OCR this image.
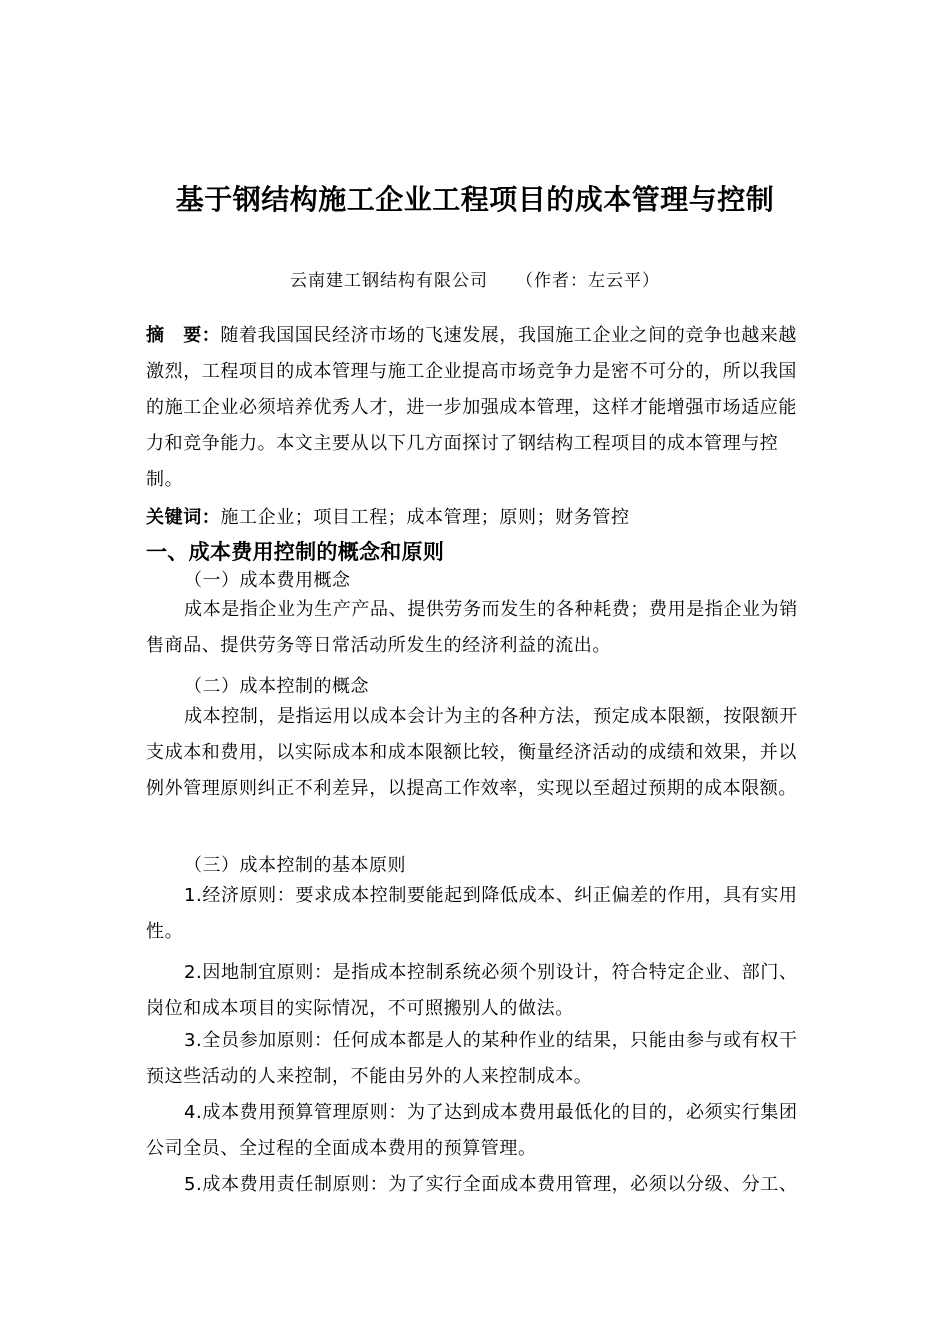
基于钢结构施工企业工程项目的成本管理与控制
云南建工钢结构有限公司 （作者：左云平）
摘　要：随着我国国民经济市场的飞速发展，我国施工企业之间的竞争也越来越激烈，工程项目的成本管理与施工企业提高市场竞争力是密不可分的，所以我国的施工企业必须培养优秀人才，进一步加强成本管理，这样才能增强市场适应能力和竞争能力。本文主要从以下几方面探讨了钢结构工程项目的成本管理与控制。
关键词：施工企业；项目工程；成本管理；原则；财务管控
一、成本费用控制的概念和原则
（一）成本费用概念
成本是指企业为生产产品、提供劳务而发生的各种耗费；费用是指企业为销售商品、提供劳务等日常活动所发生的经济利益的流出。
（二）成本控制的概念
成本控制，是指运用以成本会计为主的各种方法，预定成本限额，按限额开支成本和费用，以实际成本和成本限额比较，衡量经济活动的成绩和效果，并以例外管理原则纠正不利差异，以提高工作效率，实现以至超过预期的成本限额。
（三）成本控制的基本原则
1.经济原则：要求成本控制要能起到降低成本、纠正偏差的作用，具有实用性。
2.因地制宜原则：是指成本控制系统必须个别设计，符合特定企业、部门、岗位和成本项目的实际情况，不可照搬别人的做法。
3.全员参加原则：任何成本都是人的某种作业的结果，只能由参与或有权干预这些活动的人来控制，不能由另外的人来控制成本。
4.成本费用预算管理原则：为了达到成本费用最低化的目的，必须实行集团公司全员、全过程的全面成本费用的预算管理。
5.成本费用责任制原则：为了实行全面成本费用管理，必须以分级、分工、
